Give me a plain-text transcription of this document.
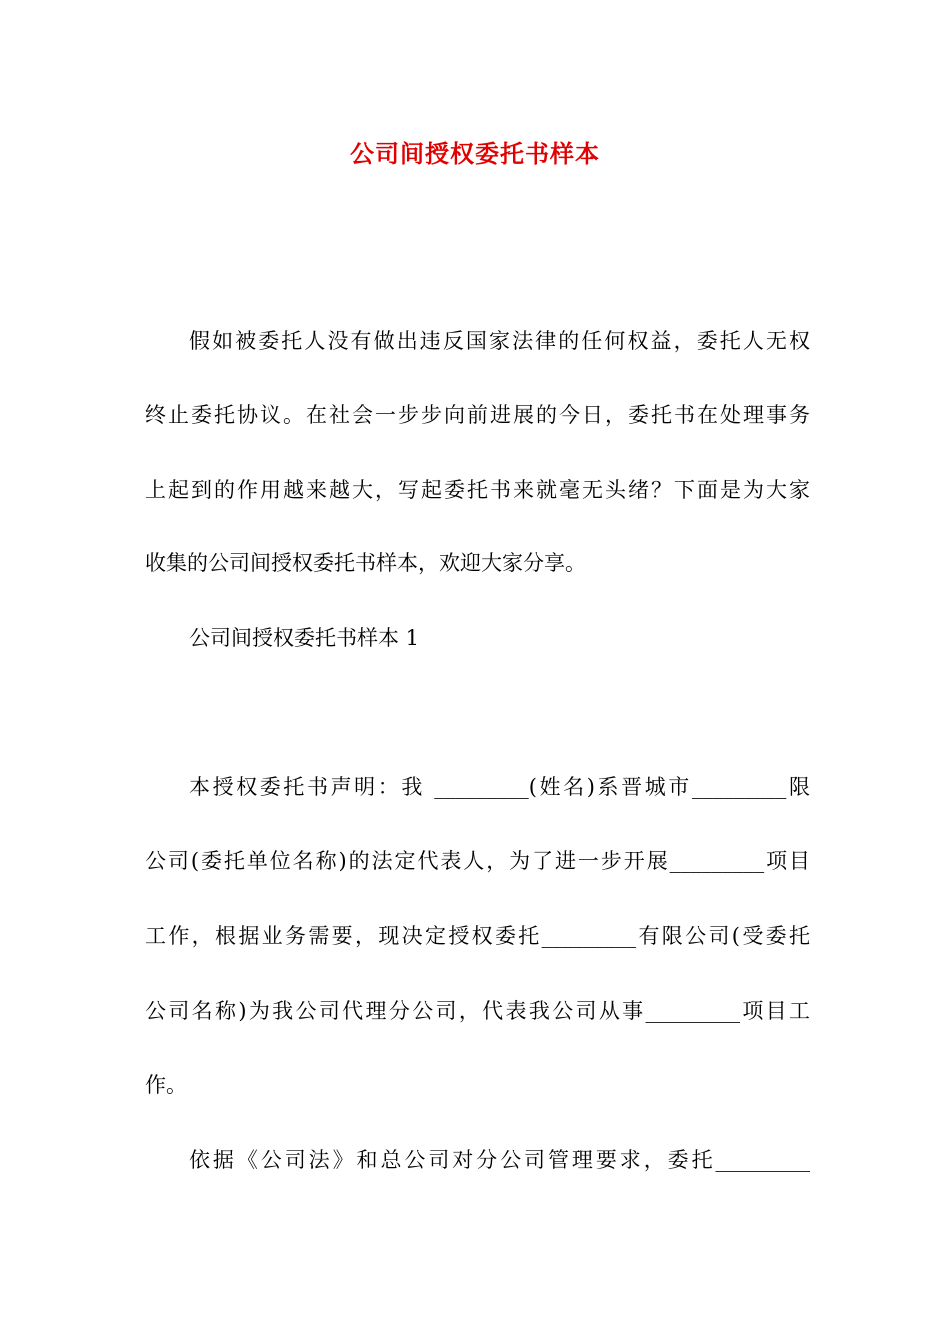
公司间授权委托书样本
假如被委托人没有做出违反国家法律的任何权益，委托人无权
终止委托协议。在社会一步步向前进展的今日，委托书在处理事务
上起到的作用越来越大，写起委托书来就毫无头绪？下面是为大家
收集的公司间授权委托书样本，欢迎大家分享。
公司间授权委托书样本 1
本授权委托书声明：我 _________(姓名)系晋城市_________限
公司(委托单位名称)的法定代表人，为了进一步开展_________项目
工作，根据业务需要，现决定授权委托_________有限公司(受委托
公司名称)为我公司代理分公司，代表我公司从事_________项目工
作。
依据《公司法》和总公司对分公司管理要求，委托_________
